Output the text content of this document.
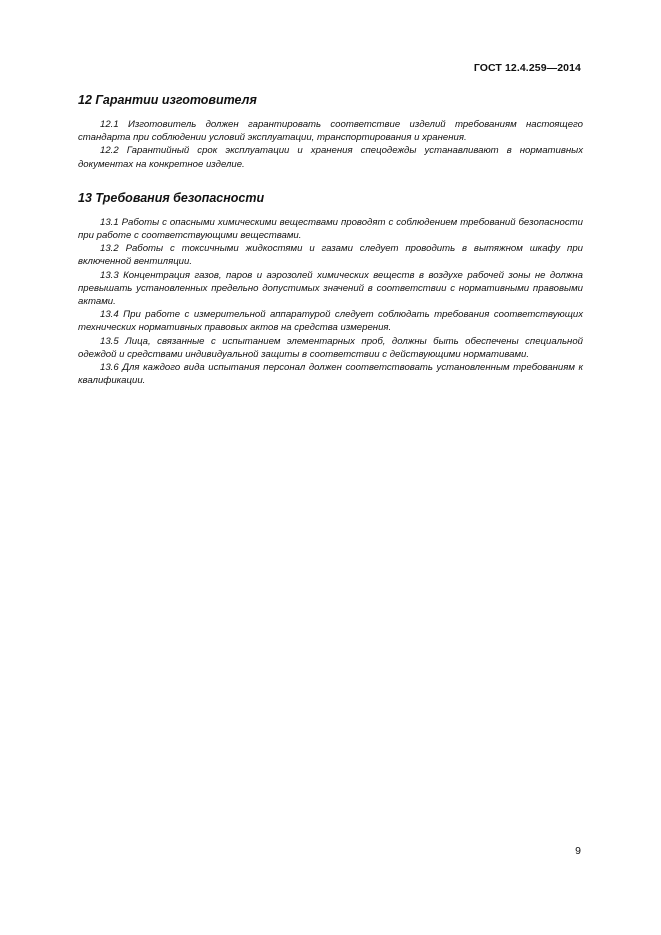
ГОСТ 12.4.259—2014
12 Гарантии изготовителя

12.1 Изготовитель должен гарантировать соответствие изделий требованиям настоящего стандарта при соблюдении условий эксплуатации, транспортирования и хранения.

12.2 Гарантийный срок эксплуатации и хранения спецодежды устанавливают в нормативных документах на конкретное изделие.

13 Требования безопасности

13.1 Работы с опасными химическими веществами проводят с соблюдением требований безопасности при работе с соответствующими веществами.

13.2 Работы с токсичными жидкостями и газами следует проводить в вытяжном шкафу при включенной вентиляции.

13.3 Концентрация газов, паров и аэрозолей химических веществ в воздухе рабочей зоны не должна превышать установленных предельно допустимых значений в соответствии с нормативными правовыми актами.

13.4 При работе с измерительной аппаратурой следует соблюдать требования соответствующих технических нормативных правовых актов на средства измерения.

13.5 Лица, связанные с испытанием элементарных проб, должны быть обеспечены специальной одеждой и средствами индивидуальной защиты в соответствии с действующими нормативами.

13.6 Для каждого вида испытания персонал должен соответствовать установленным требованиям к квалификации.

9
